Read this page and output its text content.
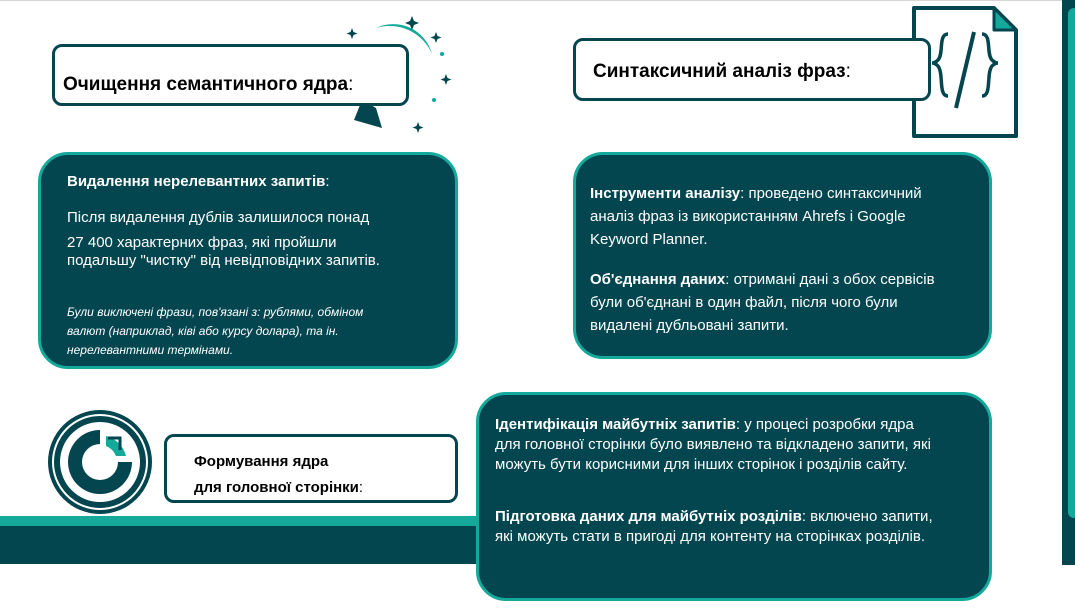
Очищення семантичного ядра:
Синтаксичний аналіз фраз:
Видалення нерелевантних запитів:
Після видалення дублів залишилося понад
27 400 характерних фраз, які пройшли
подальшу "чистку" від невідповідних запитів.
Були виключені фрази, пов'язані з: рублями, обміном
валют (наприклад, ківі або курсу долара), та ін.
нерелевантними термінами.
Інструменти аналізу: проведено синтаксичний
аналіз фраз із використанням Ahrefs і Google
Keyword Planner.
Об'єднання даних: отримані дані з обох сервісів
були об'єднані в один файл, після чого були
видалені дубльовані запити.
Формування ядра
для головної сторінки:
Ідентифікація майбутніх запитів: у процесі розробки ядра
для головної сторінки було виявлено та відкладено запити, які
можуть бути корисними для інших сторінок і розділів сайту.
Підготовка даних для майбутніх розділів: включено запити,
які можуть стати в пригоді для контенту на сторінках розділів.
